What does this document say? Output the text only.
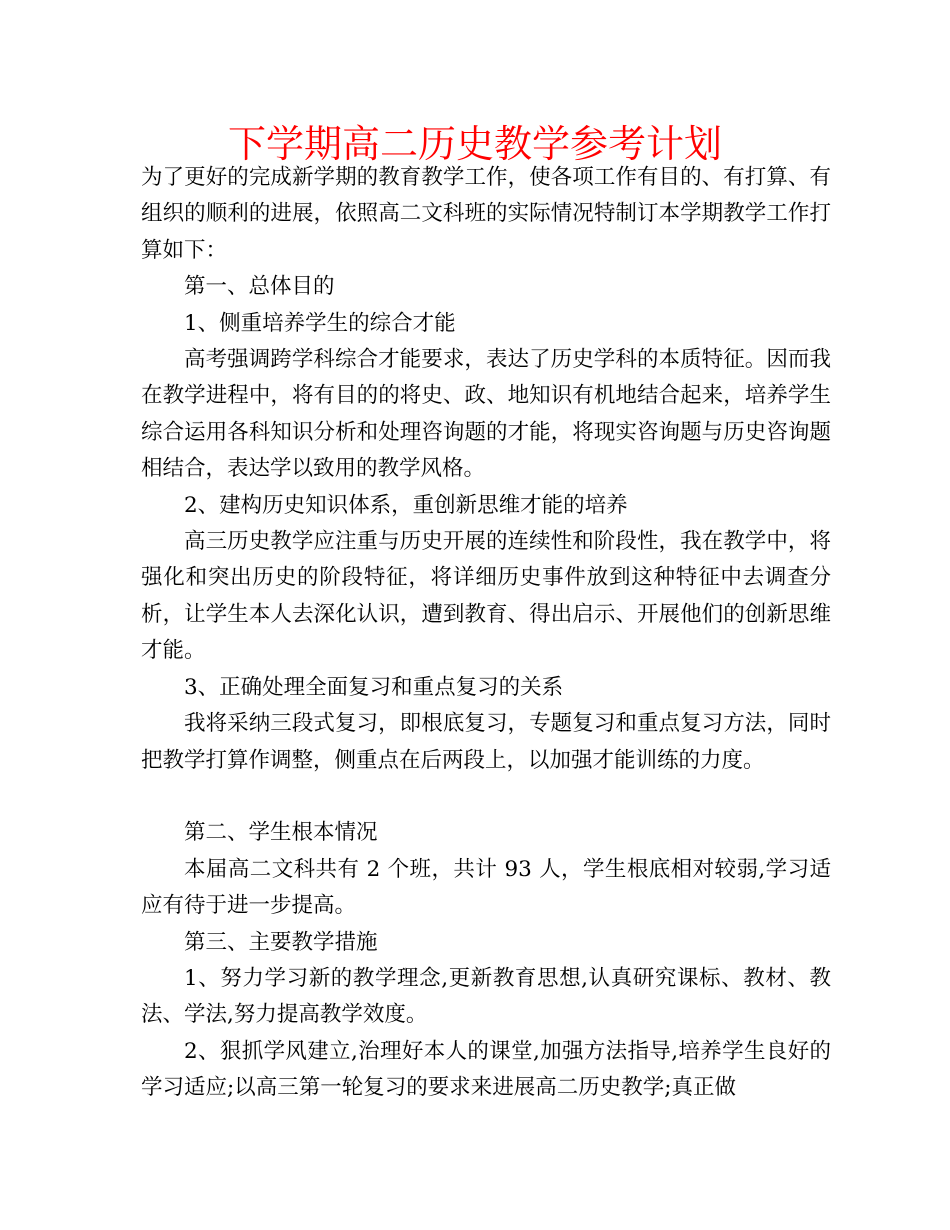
下学期高二历史教学参考计划

为了更好的完成新学期的教育教学工作，使各项工作有目的、有打算、有组织的顺利的进展，依照高二文科班的实际情况特制订本学期教学工作打算如下：

第一、总体目的

1、侧重培养学生的综合才能

高考强调跨学科综合才能要求，表达了历史学科的本质特征。因而我在教学进程中，将有目的的将史、政、地知识有机地结合起来，培养学生综合运用各科知识分析和处理咨询题的才能，将现实咨询题与历史咨询题相结合，表达学以致用的教学风格。

2、建构历史知识体系，重创新思维才能的培养

高三历史教学应注重与历史开展的连续性和阶段性，我在教学中，将强化和突出历史的阶段特征，将详细历史事件放到这种特征中去调查分析，让学生本人去深化认识，遭到教育、得出启示、开展他们的创新思维才能。

3、正确处理全面复习和重点复习的关系

我将采纳三段式复习，即根底复习，专题复习和重点复习方法，同时把教学打算作调整，侧重点在后两段上，以加强才能训练的力度。

第二、学生根本情况

本届高二文科共有 2 个班，共计 93 人，学生根底相对较弱,学习适应有待于进一步提高。

第三、主要教学措施

1、努力学习新的教学理念,更新教育思想,认真研究课标、教材、教法、学法,努力提高教学效度。

2、狠抓学风建立,治理好本人的课堂,加强方法指导,培养学生良好的学习适应;以高三第一轮复习的要求来进展高二历史教学;真正做
